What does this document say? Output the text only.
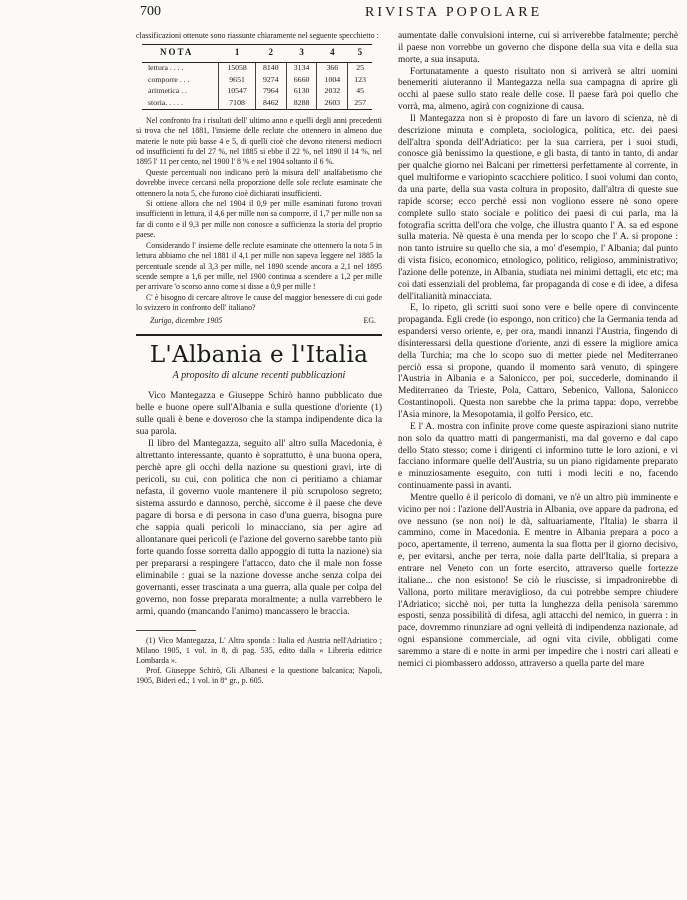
700	RIVISTA POPOLARE

classificazioni ottenute sono riassunte chiaramente nel seguente specchietto :

NOTA	1	2	3	4	5
lettura . . . .	15058	8140	3134	366	25
comporre . . .	9651	9274	6660	1004	123
aritmetica . .	10547	7964	6130	2032	45
storia. . . . .	7108	8462	8288	2603	257

Nel confronto fra i risultati dell' ultimo anno e quelli degli anni precedenti si trova che nel 1881, l'insieme delle reclute che ottennero in almeno due materie le note più basse 4 e 5, di quelli cioè che devono ritenersi mediocri od insufficienti fu del 27 %, nel 1885 si ebbe il 22 %, nel 1890 il 14 %, nel 1895 l' 11 per cento, nel 1900 l' 8 % e nel 1904 soltanto il 6 %.

Queste percentuali non indicano però la misura dell' analfabetismo che dovrebbe invece cercarsi nella proporzione delle sole reclute esaminate che ottennero la nota 5, che furono cioè dichiarati insufficienti.

Si ottiene allora che nel 1904 il 0,9 per mille esaminati furono trovati insufficienti in lettura, il 4,6 per mille non sa comporre, il 1,7 per mille non sa far di conto e il 9,3 per mille non conosce a sufficienza la storia del proprio paese.

Considerando l' insieme delle reclute esaminate che ottennero la nota 5 in lettura abbiamo che nel 1881 il 4,1 per mille non sapeva leggere nel 1885 la percentuale scende al 3,3 per mille, nel 1890 scende ancora a 2,1 nel 1895 scende sempre a 1,6 per mille, nel 1900 continua a scendere a 1,2 per mille per arrivare 'o scorso anno come si disse a 0,9 per mille !

C' è bisogno di cercare altrove le cause del maggior benessere di cui gode lo svizzero in confronto dell' italiano?

Zurigo, dicembre 1905	EG.
L'Albania e l'Italia
A proposito di alcune recenti pubblicazioni

Vico Mantegazza e Giuseppe Schirò hanno pubblicato due belle e buone opere sull'Albania e sulla questione d'oriente (1) sulle quali è bene e doveroso che la stampa indipendente dica la sua parola.

Il libro del Mantegazza, seguito all' altro sulla Macedonia, è altrettanto interessante, quanto è soprattutto, è una buona opera, perchè apre gli occhi della nazione su questioni gravi, irte di pericoli, su cui, con politica che non ci peritiamo a chiamar nefasta, il governo vuole mantenere il più scrupoloso segreto; sistema assurdo e dannoso, perchè, siccome è il paese che deve pagare di borsa e di persona in caso d'una guerra, bisogna pure che sappia quali pericoli lo minacciano, sia per agire ad allontanare quei pericoli (e l'azione del governo sarebbe tanto più forte quando fosse sorretta dallo appoggio di tutta la nazione) sia per prepararsi a respingere l'attacco, dato che il male non fosse eliminabile : guai se la nazione dovesse anche senza colpa dei governanti, esser trascinata a una guerra, alla quale per colpa del governo, non fosse preparata moralmente; a nulla varrebbero le armi, quando (mancando l'animo) mancassero le braccia.

(1) Vico Mantegazza, L' Altra sponda : Italia ed Austria nell'Adriatico ; Milano 1905, 1 vol. in 8, di pag. 535, edito dalla « Libreria editrice Lombarda ».

Prof. Giuseppe Schirò, Gli Albanesi e la questione balcanica; Napoli, 1905, Bideri ed.; 1 vol. in 8° gr., p. 605.

aumentate dalle convulsioni interne, cui si arriverebbe fatalmente; perchè il paese non vorrebbe un governo che dispone della sua vita e della sua morte, a sua insaputa.

Fortunatamente a questo risultato non si arriverà se altri uomini benemeriti aiuteranno il Mantegazza nella sua campagna di aprire gli occhi al paese sullo stato reale delle cose. Il paese farà poi quello che vorrà, ma, almeno, agirà con cognizione di causa.

Il Mantegazza non si è proposto di fare un lavoro di scienza, nè di descrizione minuta e completa, sociologica, politica, etc. dei paesi dell'altra sponda dell'Adriatico: per la sua carriera, per i suoi studi, conosce già benissimo la questione, e gli basta, di tanto in tanto, di andar per qualche giorno nei Balcani per rimettersi perfettamente al corrente, in quel multiforme e variopinto scacchiere politico. I suoi volumi dan conto, da una parte, della sua vasta coltura in proposito, dall'altra di queste sue rapide scorse; ecco perchè essi non vogliono essere nè sono opere complete sullo stato sociale e politico dei paesi di cui parla, ma la fotografia scritta dell'ora che volge, che illustra quanto l' A. sa ed espone sulla materia. Nè questa è una menda per lo scopo che l' A. si propone : non tanto istruire su quello che sia, a mo' d'esempio, l' Albania; dal punto di vista fisico, economico, etnologico, politico, religioso, amministrativo; l'azione delle potenze, in Albania, studiata nei minimi dettagli, etc etc; ma coi dati essenziali del problema, far propaganda di cose e di idee, a difesa dell'italianità minacciata.

E, lo ripeto, gli scritti suoi sono vere e belle opere di convincente propaganda. Egli crede (io espongo, non critico) che la Germania tenda ad espandersi verso oriente, e, per ora, mandi innanzi l'Austria, fingendo di disinteressarsi della questione d'oriente, anzi di essere la migliore amica della Turchia; ma che lo scopo suo di metter piede nel Mediterraneo perciò essa si propone, quando il momento sarà venuto, di spingere l'Austria in Albania e a Salonicco, per poi, succederle, dominando il Mediterraneo da Trieste, Pola, Cattaro, Sebenico, Vallona, Salonicco Costantinopoli. Questa non sarebbe che la prima tappa: dopo, verrebbe l'Asia minore, la Mesopotamia, il golfo Persico, etc.

E l' A. mostra con infinite prove come queste aspirazioni siano nutrite non solo da quattro matti di pangermanisti, ma dal governo e dal capo dello Stato stesso; come i dirigenti ci informino tutte le loro azioni, e vi facciano informare quelle dell'Austria, su un piano rigidamente preparato e minuziosamente eseguito, con tutti i modi leciti e no, facendo continuamente passi in avanti.

Mentre quello è il pericolo di domani, ve n'è un altro più imminente e vicino per noi : l'azione dell'Austria in Albania, ove appare da padrona, ed ove nessuno (se non noi) le dà, saltuariamente, l'Italia) le sbarra il cammino, come in Macedonia. E mentre in Albania prepara a poco a poco, apertamente, il terreno, aumenta la sua flotta per il giorno decisivo, e, per evitarsi, anche per terra, noie dalla parte dell'Italia, si prepara a entrare nel Veneto con un forte esercito, attraverso quelle fortezze italiane... che non esistono! Se ciò le riuscisse, si impadronirebbe di Vallona, porto militare meraviglioso, da cui potrebbe sempre chiudere l'Adriatico; sicchè noi, per tutta la lunghezza della penisola saremmo esposti, senza possibilità di difesa, agli attacchi del nemico, in guerra : in pace, dovremmo rinunziare ad ogni velleità di indipendenza nazionale, ad ogni espansione commerciale, ad ogni vita civile, obbligati come saremmo a stare di e notte in armi per impedire che i nostri cari alleati e nemici ci piombassero addosso, attraverso a quella parte del mare
